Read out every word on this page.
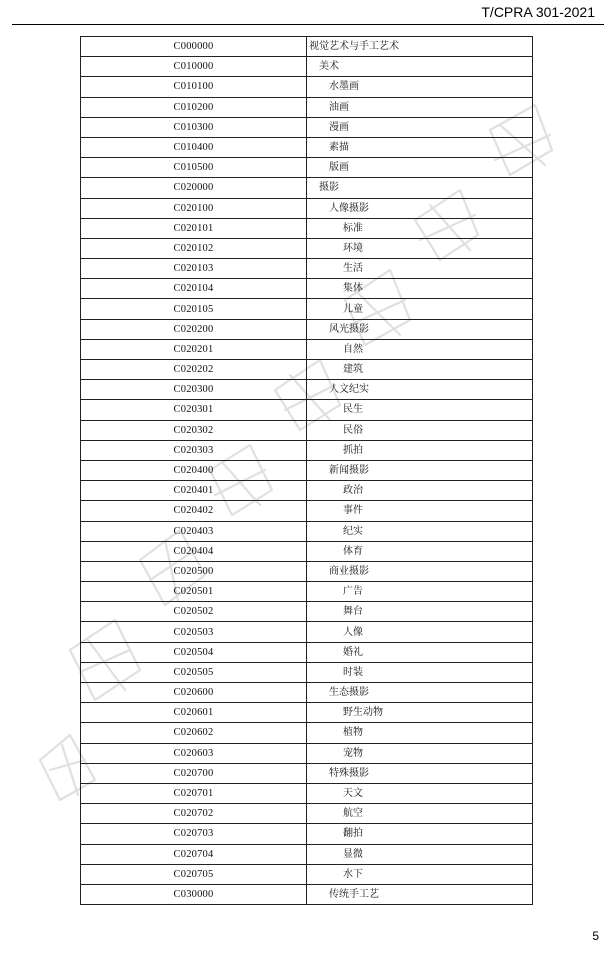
T/CPRA 301-2021
C000000	视觉艺术与手工艺术
C010000	美术
C010100	水墨画
C010200	油画
C010300	漫画
C010400	素描
C010500	版画
C020000	摄影
C020100	人像摄影
C020101	标准
C020102	环境
C020103	生活
C020104	集体
C020105	儿童
C020200	风光摄影
C020201	自然
C020202	建筑
C020300	人文纪实
C020301	民生
C020302	民俗
C020303	抓拍
C020400	新闻摄影
C020401	政治
C020402	事件
C020403	纪实
C020404	体育
C020500	商业摄影
C020501	广告
C020502	舞台
C020503	人像
C020504	婚礼
C020505	时装
C020600	生态摄影
C020601	野生动物
C020602	植物
C020603	宠物
C020700	特殊摄影
C020701	天文
C020702	航空
C020703	翻拍
C020704	显微
C020705	水下
C030000	传统手工艺
5
